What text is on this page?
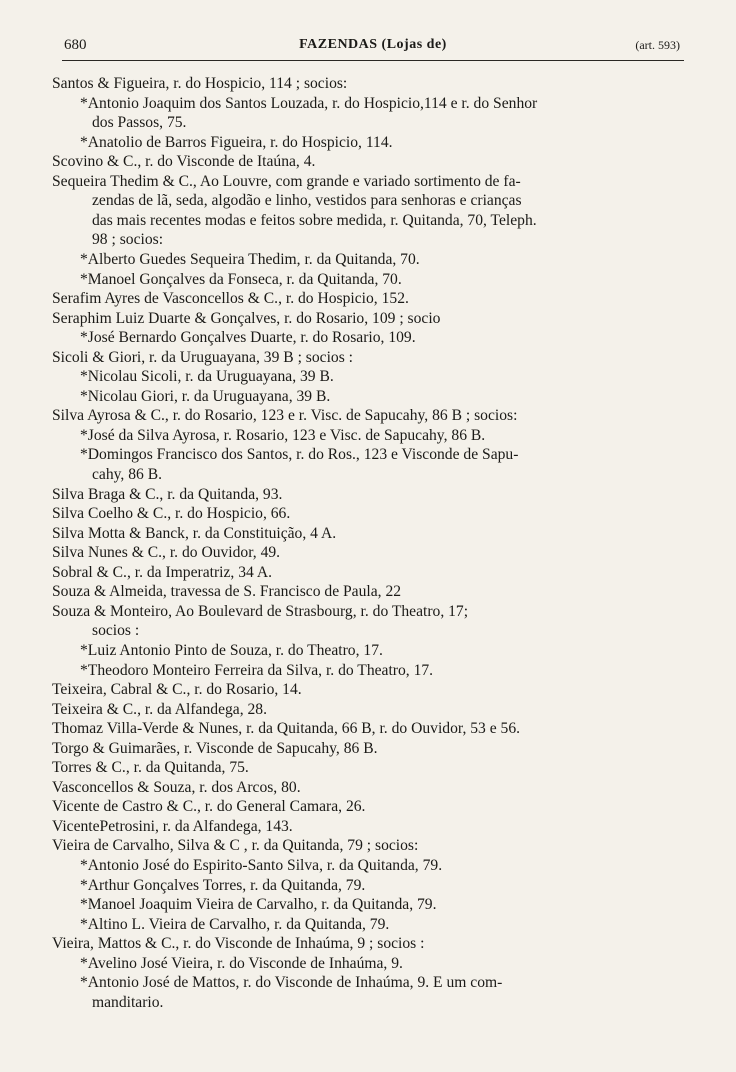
680	FAZENDAS (Lojas de)	(art. 593)
Santos & Figueira, r. do Hospicio, 114 ; socios:
*Antonio Joaquim dos Santos Louzada, r. do Hospicio,114 e r. do Senhor
dos Passos, 75.
*Anatolio de Barros Figueira, r. do Hospicio, 114.
Scovino & C., r. do Visconde de Itaúna, 4.
Sequeira Thedim & C., Ao Louvre, com grande e variado sortimento de fa-
zendas de lã, seda, algodão e linho, vestidos para senhoras e crianças
das mais recentes modas e feitos sobre medida, r. Quitanda, 70, Teleph.
98 ; socios:
*Alberto Guedes Sequeira Thedim, r. da Quitanda, 70.
*Manoel Gonçalves da Fonseca, r. da Quitanda, 70.
Serafim Ayres de Vasconcellos & C., r. do Hospicio, 152.
Seraphim Luiz Duarte & Gonçalves, r. do Rosario, 109 ; socio
*José Bernardo Gonçalves Duarte, r. do Rosario, 109.
Sicoli & Giori, r. da Uruguayana, 39 B ; socios :
*Nicolau Sicoli, r. da Uruguayana, 39 B.
*Nicolau Giori, r. da Uruguayana, 39 B.
Silva Ayrosa & C., r. do Rosario, 123 e r. Visc. de Sapucahy, 86 B ; socios:
*José da Silva Ayrosa, r. Rosario, 123 e Visc. de Sapucahy, 86 B.
*Domingos Francisco dos Santos, r. do Ros., 123 e Visconde de Sapu-
cahy, 86 B.
Silva Braga & C., r. da Quitanda, 93.
Silva Coelho & C., r. do Hospicio, 66.
Silva Motta & Banck, r. da Constituição, 4 A.
Silva Nunes & C., r. do Ouvidor, 49.
Sobral & C., r. da Imperatriz, 34 A.
Souza & Almeida, travessa de S. Francisco de Paula, 22
Souza & Monteiro, Ao Boulevard de Strasbourg, r. do Theatro, 17;
socios :
*Luiz Antonio Pinto de Souza, r. do Theatro, 17.
*Theodoro Monteiro Ferreira da Silva, r. do Theatro, 17.
Teixeira, Cabral & C., r. do Rosario, 14.
Teixeira & C., r. da Alfandega, 28.
Thomaz Villa-Verde & Nunes, r. da Quitanda, 66 B, r. do Ouvidor, 53 e 56.
Torgo & Guimarães, r. Visconde de Sapucahy, 86 B.
Torres & C., r. da Quitanda, 75.
Vasconcellos & Souza, r. dos Arcos, 80.
Vicente de Castro & C., r. do General Camara, 26.
VicentePetrosini, r. da Alfandega, 143.
Vieira de Carvalho, Silva & C , r. da Quitanda, 79 ; socios:
*Antonio José do Espirito-Santo Silva, r. da Quitanda, 79.
*Arthur Gonçalves Torres, r. da Quitanda, 79.
*Manoel Joaquim Vieira de Carvalho, r. da Quitanda, 79.
*Altino L. Vieira de Carvalho, r. da Quitanda, 79.
Vieira, Mattos & C., r. do Visconde de Inhaúma, 9 ; socios :
*Avelino José Vieira, r. do Visconde de Inhaúma, 9.
*Antonio José de Mattos, r. do Visconde de Inhaúma, 9. E um com-
manditario.
